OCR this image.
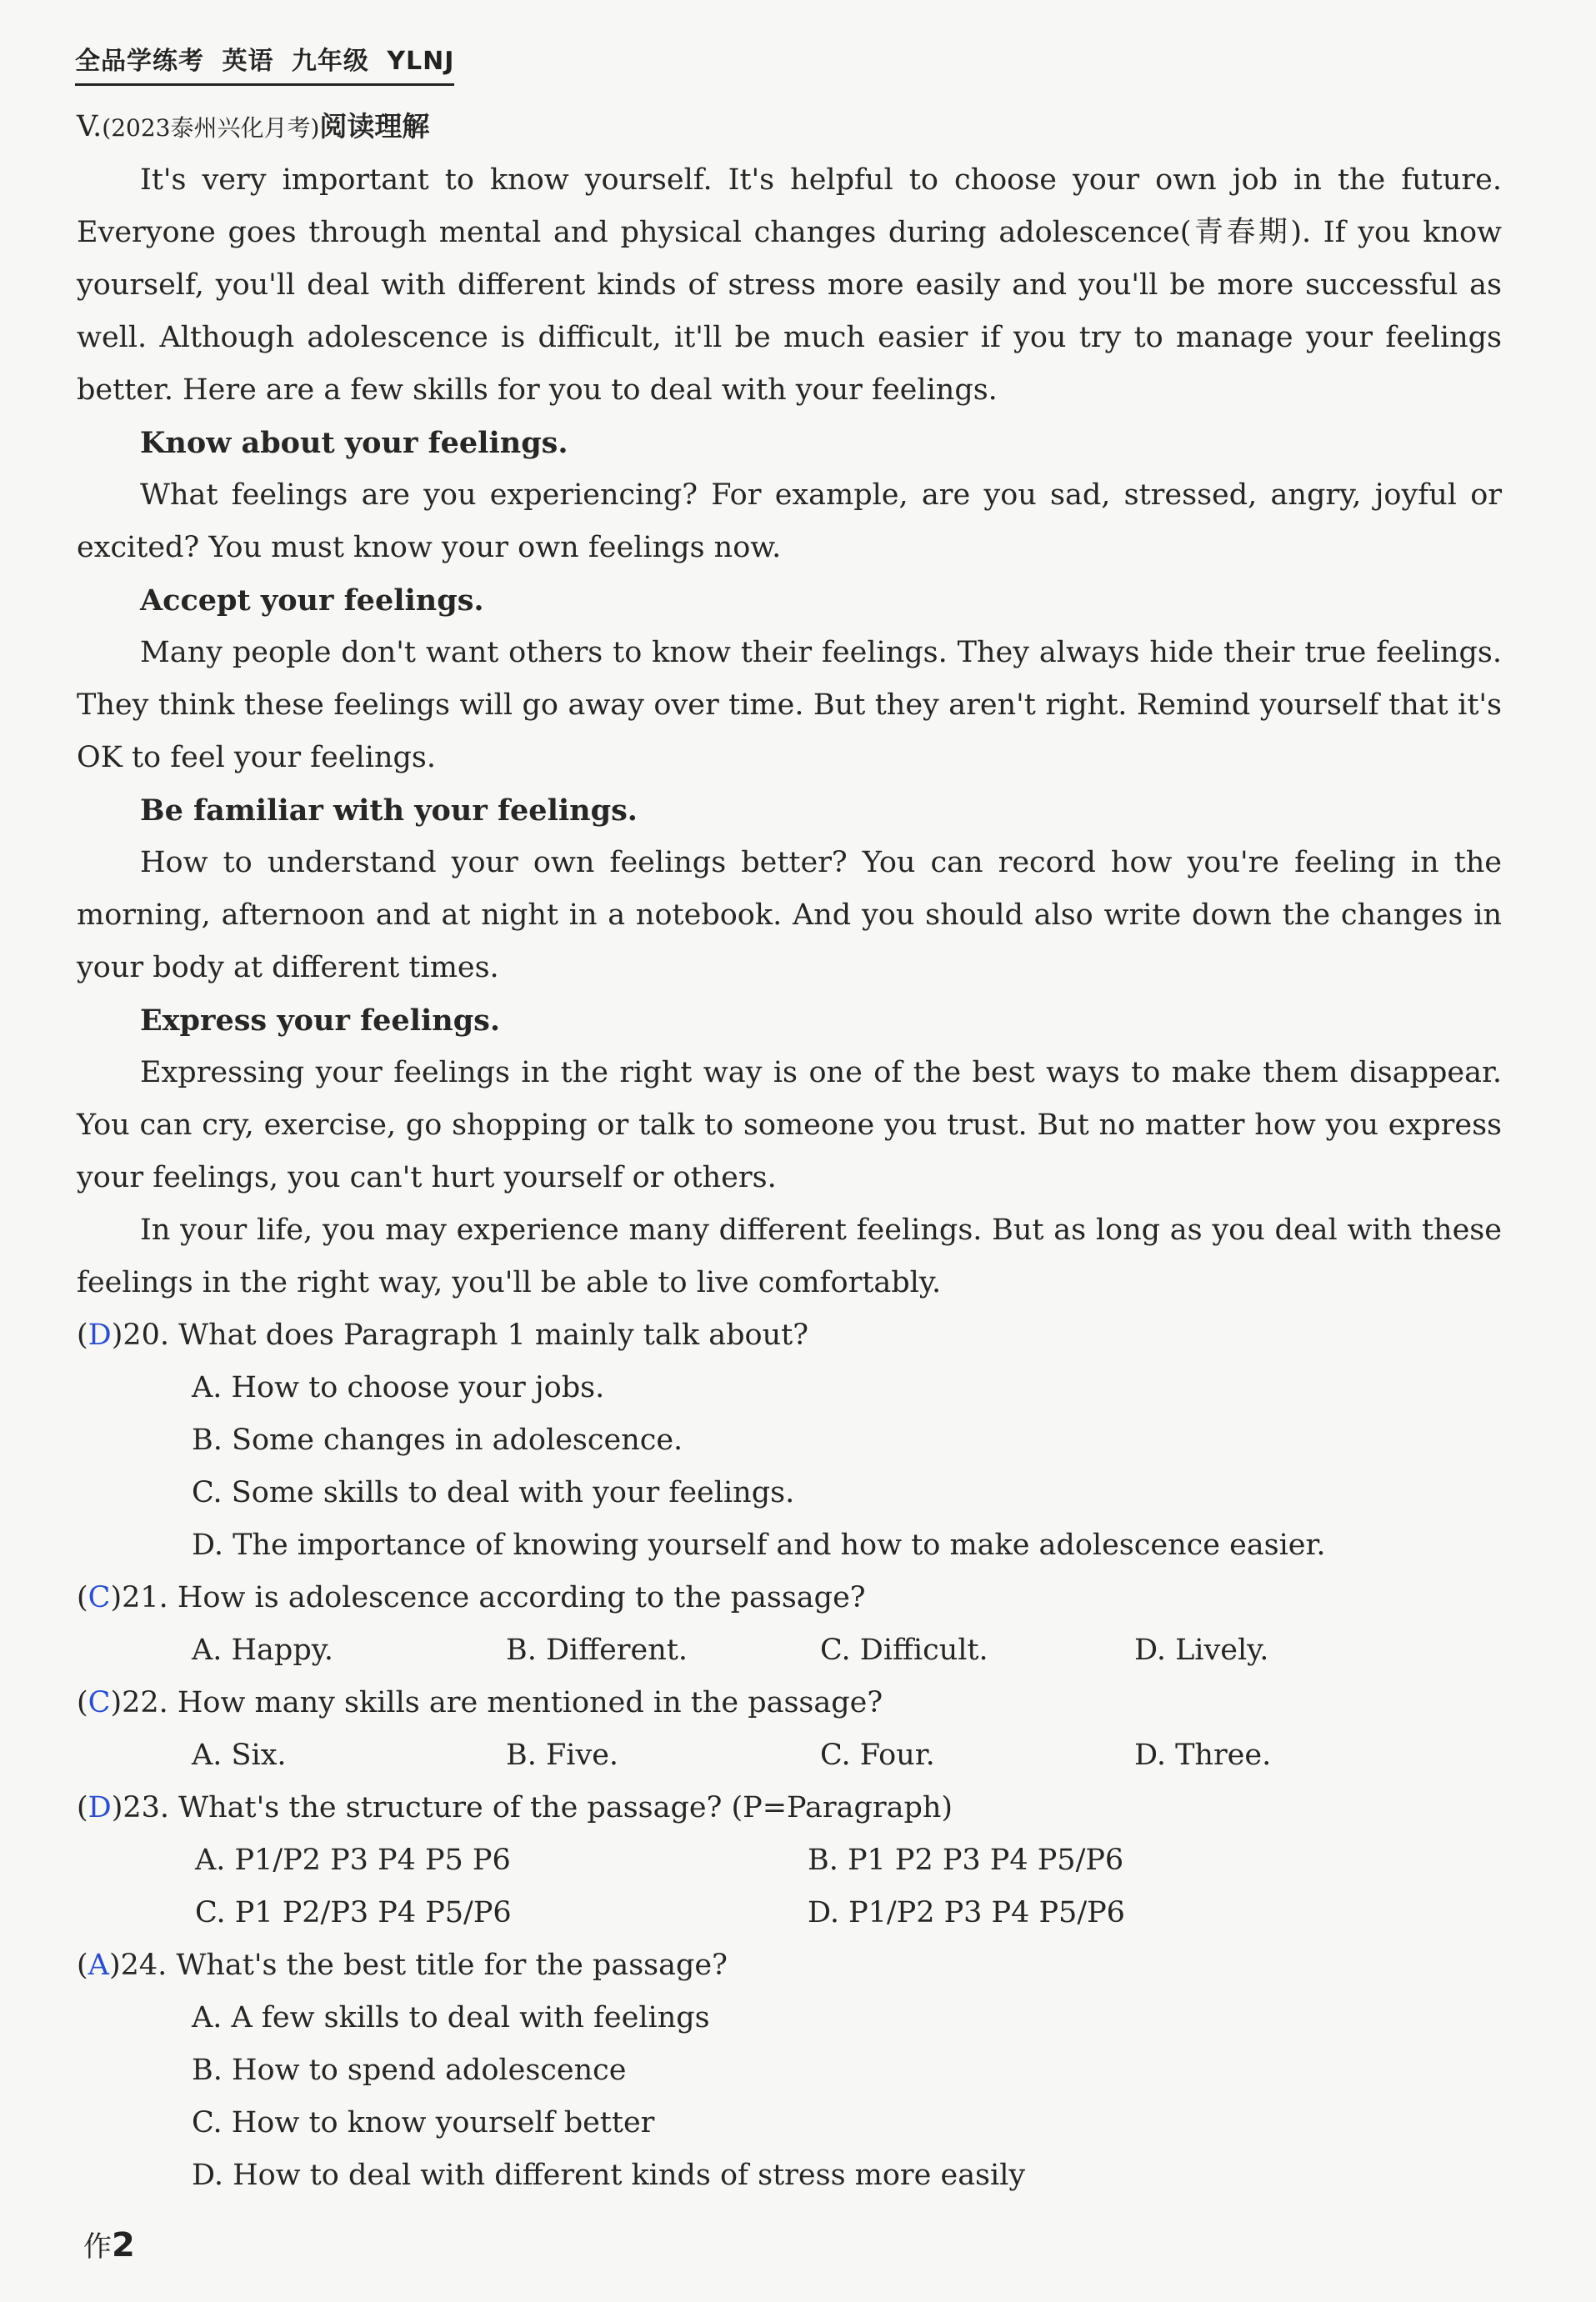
全品学练考 英语 九年级 YLNJ

V.(2023泰州兴化月考)阅读理解

It's very important to know yourself. It's helpful to choose your own job in the future. Everyone goes through mental and physical changes during adolescence(青春期). If you know yourself, you'll deal with different kinds of stress more easily and you'll be more successful as well. Although adolescence is difficult, it'll be much easier if you try to manage your feelings better. Here are a few skills for you to deal with your feelings.

Know about your feelings.

What feelings are you experiencing? For example, are you sad, stressed, angry, joyful or excited? You must know your own feelings now.

Accept your feelings.

Many people don't want others to know their feelings. They always hide their true feelings. They think these feelings will go away over time. But they aren't right. Remind yourself that it's OK to feel your feelings.

Be familiar with your feelings.

How to understand your own feelings better? You can record how you're feeling in the morning, afternoon and at night in a notebook. And you should also write down the changes in your body at different times.

Express your feelings.

Expressing your feelings in the right way is one of the best ways to make them disappear. You can cry, exercise, go shopping or talk to someone you trust. But no matter how you express your feelings, you can't hurt yourself or others.

In your life, you may experience many different feelings. But as long as you deal with these feelings in the right way, you'll be able to live comfortably.

(D)20. What does Paragraph 1 mainly talk about?

A. How to choose your jobs.

B. Some changes in adolescence.

C. Some skills to deal with your feelings.

D. The importance of knowing yourself and how to make adolescence easier.

(C)21. How is adolescence according to the passage?

A. Happy.	B. Different.	C. Difficult.	D. Lively.

(C)22. How many skills are mentioned in the passage?

A. Six.	B. Five.	C. Four.	D. Three.

(D)23. What's the structure of the passage? (P=Paragraph)

A. P1/P2 P3 P4 P5 P6	B. P1 P2 P3 P4 P5/P6
C. P1 P2/P3 P4 P5/P6	D. P1/P2 P3 P4 P5/P6

(A)24. What's the best title for the passage?

A. A few skills to deal with feelings

B. How to spend adolescence

C. How to know yourself better

D. How to deal with different kinds of stress more easily

作2
